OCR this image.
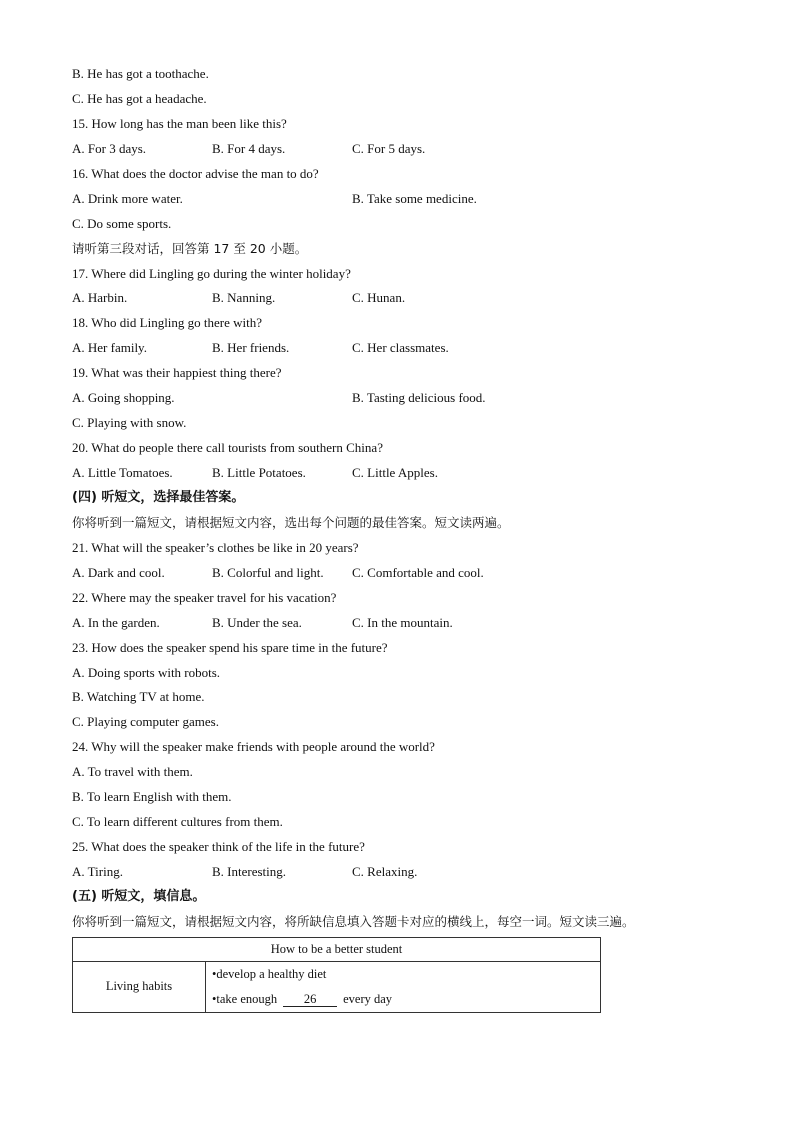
B. He has got a toothache.
C. He has got a headache.
15. How long has the man been like this?
A. For 3 days.	B. For 4 days.	C. For 5 days.
16. What does the doctor advise the man to do?
A. Drink more water.	B. Take some medicine.
C. Do some sports.
请听第三段对话，回答第 17 至 20 小题。
17. Where did Lingling go during the winter holiday?
A. Harbin.	B. Nanning.	C. Hunan.
18. Who did Lingling go there with?
A. Her family.	B. Her friends.	C. Her classmates.
19. What was their happiest thing there?
A. Going shopping.	B. Tasting delicious food.
C. Playing with snow.
20. What do people there call tourists from southern China?
A. Little Tomatoes.	B. Little Potatoes.	C. Little Apples.
(四) 听短文，选择最佳答案。
你将听到一篇短文，请根据短文内容，选出每个问题的最佳答案。短文读两遍。
21. What will the speaker’s clothes be like in 20 years?
A. Dark and cool.	B. Colorful and light. C. Comfortable and cool.
22. Where may the speaker travel for his vacation?
A. In the garden.	B. Under the sea.	C. In the mountain.
23. How does the speaker spend his spare time in the future?
A. Doing sports with robots.
B. Watching TV at home.
C. Playing computer games.
24. Why will the speaker make friends with people around the world?
A. To travel with them.
B. To learn English with them.
C. To learn different cultures from them.
25. What does the speaker think of the life in the future?
A. Tiring.	B. Interesting.	C. Relaxing.
(五) 听短文，填信息。
你将听到一篇短文，请根据短文内容，将所缺信息填入答题卡对应的横线上，每空一词。短文读三遍。
How to be a better student
Living habits	
•develop a healthy diet
•take enough 26 every day
